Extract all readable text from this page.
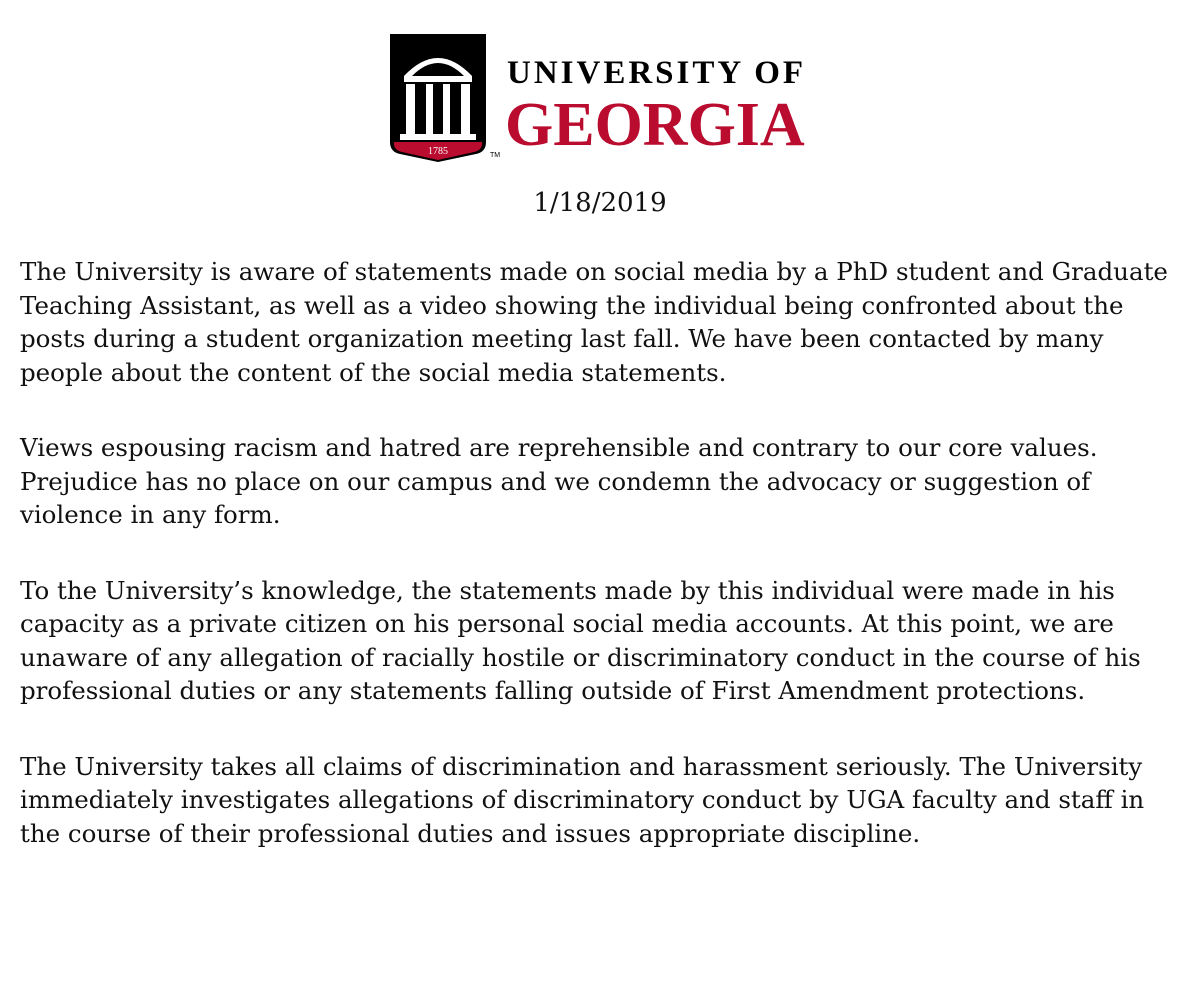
1785
UNIVERSITY OF
GEORGIA
TM
1/18/2019

The University is aware of statements made on social media by a PhD student and Graduate Teaching Assistant, as well as a video showing the individual being confronted about the posts during a student organization meeting last fall. We have been contacted by many people about the content of the social media statements.

Views espousing racism and hatred are reprehensible and contrary to our core values. Prejudice has no place on our campus and we condemn the advocacy or suggestion of violence in any form.

To the University’s knowledge, the statements made by this individual were made in his capacity as a private citizen on his personal social media accounts. At this point, we are unaware of any allegation of racially hostile or discriminatory conduct in the course of his professional duties or any statements falling outside of First Amendment protections.

The University takes all claims of discrimination and harassment seriously. The University immediately investigates allegations of discriminatory conduct by UGA faculty and staff in the course of their professional duties and issues appropriate discipline.
